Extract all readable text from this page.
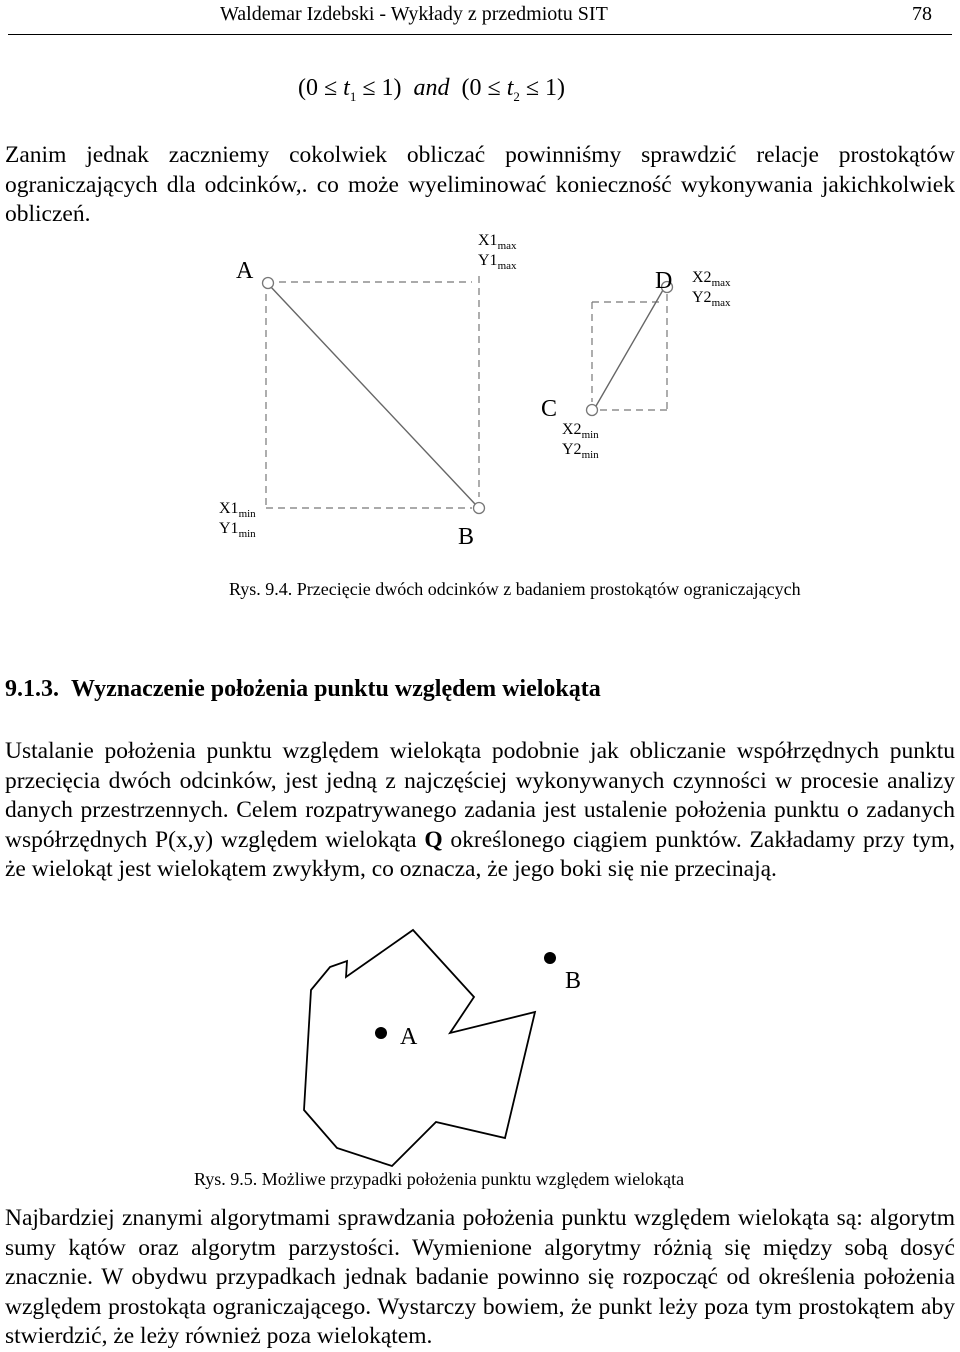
Waldemar Izdebski - Wykłady z przedmiotu SIT	78
$(0 \le t_1 \le 1)$ and $(0 \le t_2 \le 1)$

Zanim jednak zaczniemy cokolwiek obliczać powinniśmy sprawdzić relacje prostokątów ograniczających dla odcinków,. co może wyeliminować konieczność wykonywania jakichkolwiek obliczeń.

A
B
C
D
$X1_{max}$
$Y1_{max}$
$X2_{max}$
$Y2_{max}$
$X2_{min}$
$Y2_{min}$
$X1_{min}$
$Y1_{min}$
Rys. 9.4. Przecięcie dwóch odcinków z badaniem prostokątów ograniczających
9.1.3. Wyznaczenie położenia punktu względem wielokąta

Ustalanie położenia punktu względem wielokąta podobnie jak obliczanie współrzędnych punktu przecięcia dwóch odcinków, jest jedną z najczęściej wykonywanych czynności w procesie analizy danych przestrzennych. Celem rozpatrywanego zadania jest ustalenie położenia punktu o zadanych współrzędnych P(x,y) względem wielokąta Q określonego ciągiem punktów. Zakładamy przy tym, że wielokąt jest wielokątem zwykłym, co oznacza, że jego boki się nie przecinają.

A
B
Rys. 9.5. Możliwe przypadki położenia punktu względem wielokąta

Najbardziej znanymi algorytmami sprawdzania położenia punktu względem wielokąta są: algorytm sumy kątów oraz algorytm parzystości. Wymienione algorytmy różnią się między sobą dosyć znacznie. W obydwu przypadkach jednak badanie powinno się rozpocząć od określenia położenia względem prostokąta ograniczającego. Wystarczy bowiem, że punkt leży poza tym prostokątem aby stwierdzić, że leży również poza wielokątem.
